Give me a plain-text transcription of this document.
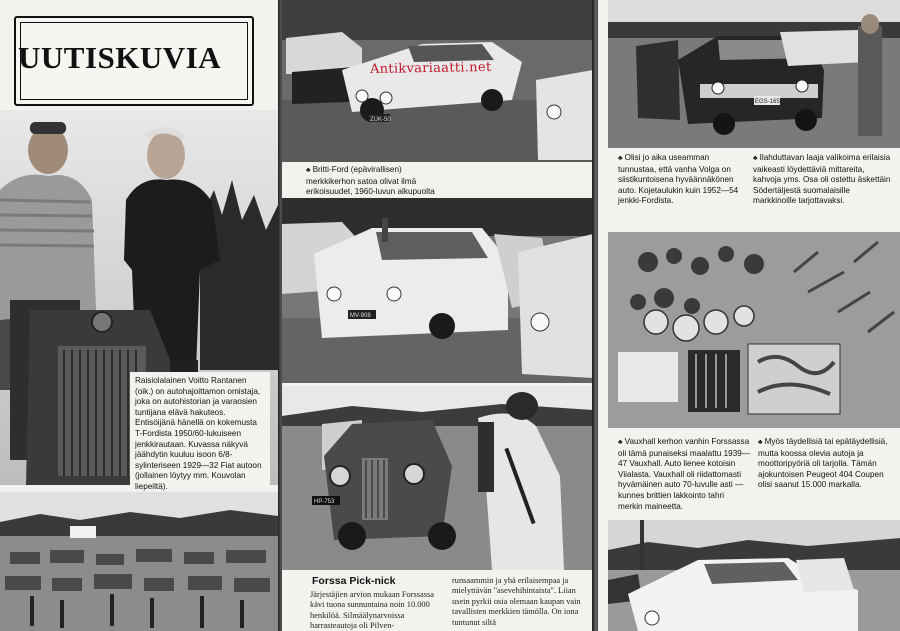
UUTISKUVIA

Raisiolalainen Voitto Rantanen (oik.) on autohajoittamon omistaja, joka on autohistorian ja varaosien tuntijana elävä hakuteos. Entisöijänä hänellä on kokemusta T-Fordista 1950/60-lukuiseen jenkkirautaan. Kuvassa näkyvä jäähdytin kuuluu isoon 6/8-sylinteriseen 1929—32 Fiat autoon (jollainen löytyy mm. Kouvolan liepeiltä).

ZUK-50

♣ Britti-Ford (epävirallisen) merkkikerhon satoa olivat ilmä erikoisuudet, 1960-luvun alkupuolta

MV-908
Antikvariaatti.net
HP-753
Forssa Pick-nick
Järjestäjien arvion mukaan Forssassa kävi tuona sunnuntaina noin 10.000 henkilöä. Silmäälynarvoissa harrasteautoja oli Pilven-
runsaammin ja yhä erilaisempaa ja mielyttävän "asevehihintaista". Liian usein pyrkii osia olemaan kaupan vain tavallisten merkkien tämölla. On iona tuntunut siltä
EGS-165

♣ Olisi jo aika useamman tunnustaa, että vanha Volga on siistikuntoisena hyväännäkönen auto. Kojetaulukin kuin 1952—54 jenkki-Fordista.

♣ Ilahduttavan laaja valikoima erilaisia vaikeasti löydettäviä mittareita, kahvoja yms. Osa oli ostettu äskettäin Södertäljestä suomalaisille markkinoille tarjottavaksi.

♣ Vauxhall kerhon vanhin Forssassa oli tämä punaiseksi maalattu 1939—47 Vauxhall. Auto lienee kotoisin Viialasta. Vauxhall oli riidattomasti hyvämäinen auto 70-luvulle asti — kunnes brittien lakkointo tahri merkin maineetta.

♣ Myös täydellisiä tai epätäydellisiä, mutta koossa olevia autoja ja moottoripyöriä oli tarjolla. Tämän ajokuntoisen Peugeot 404 Coupen olisi saanut 15.000 markalla.
